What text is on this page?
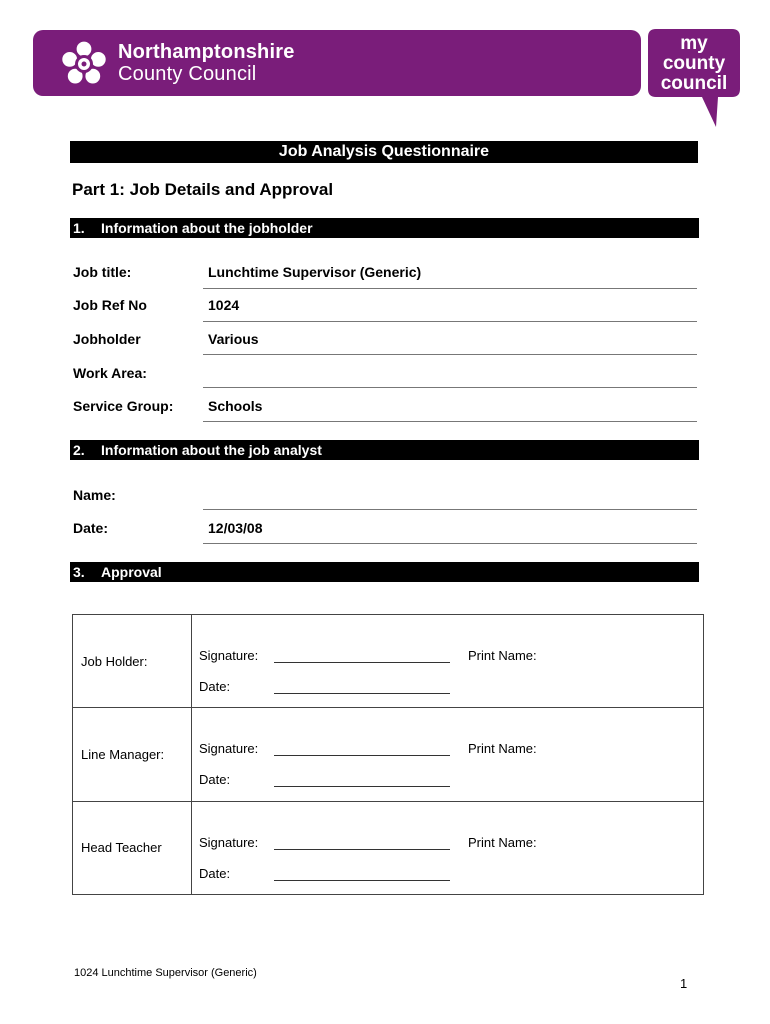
Northamptonshire
County Council
my
county
council
Job Analysis Questionnaire
Part 1: Job Details and Approval
1. Information about the jobholder
Job title:	Lunchtime Supervisor (Generic)
Job Ref No	1024
Jobholder	Various
Work Area:
Service Group: Schools
2. Information about the job analyst
Name:
Date:	12/03/08
3. Approval
Job Holder:	Signature: Print Name:
Date:

Line Manager:	Signature: Print Name:
Date:

Head Teacher	Signature: Print Name:
Date:
1024 Lunchtime Supervisor (Generic)
1
